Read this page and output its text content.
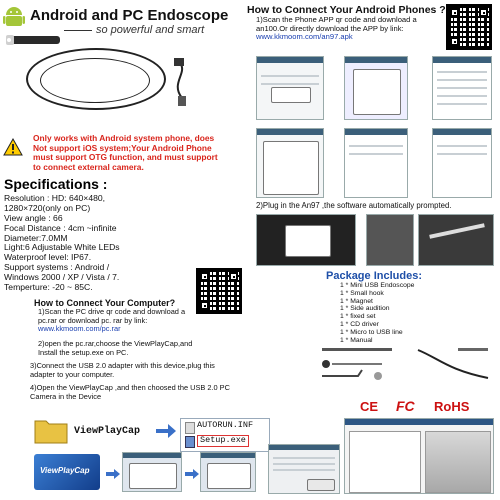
Android and PC Endoscope
so powerful and smart
Only works with Android system phone, does
Not support iOS system;Your Android Phone
must support OTG function, and must support
to connect external camera.
Specifications :
Resolution : HD: 640×480,
1280×720(only on PC)
View angle : 66
Focal Distance : 4cm ~infinite
Diameter:7.0MM
Light:6 Adjustable White LEDs
Waterproof level: IP67.
Support systems : Android /
Windows 2000 / XP / Vista / 7.
Temperture: -20 ~ 85C.
How to Connect Your Android Phones ?
1)Scan the Phone APP qr code and download a
an100.Or directly download the APP by link:
www.kkmoom.com/an97.apk
2)Plug in the An97 ,the software automatically prompted.
How to Connect Your Computer?
1)Scan the PC drive qr code and download a
pc.rar or download pc. rar by link:
www.kkmoom.com/pc.rar
2)open the pc.rar,choose the ViewPlayCap,and
Install the setup.exe on PC.
3)Connect the USB 2.0 adapter with this device,plug this
adapter to your computer.
4)Open the ViewPlayCap ,and then choosed the USB 2.0 PC
Camera in the Device
ViewPlayCap
AUTORUN.INF
Setup.exe
ViewPlayCap
Package Includes:
1 * Mini USB Endoscope
1 * Small hook
1 * Magnet
1 * Side audition
1 * fixed set
1 * CD driver
1 * Micro to USB line
1 * Manual
CE FC RoHS
